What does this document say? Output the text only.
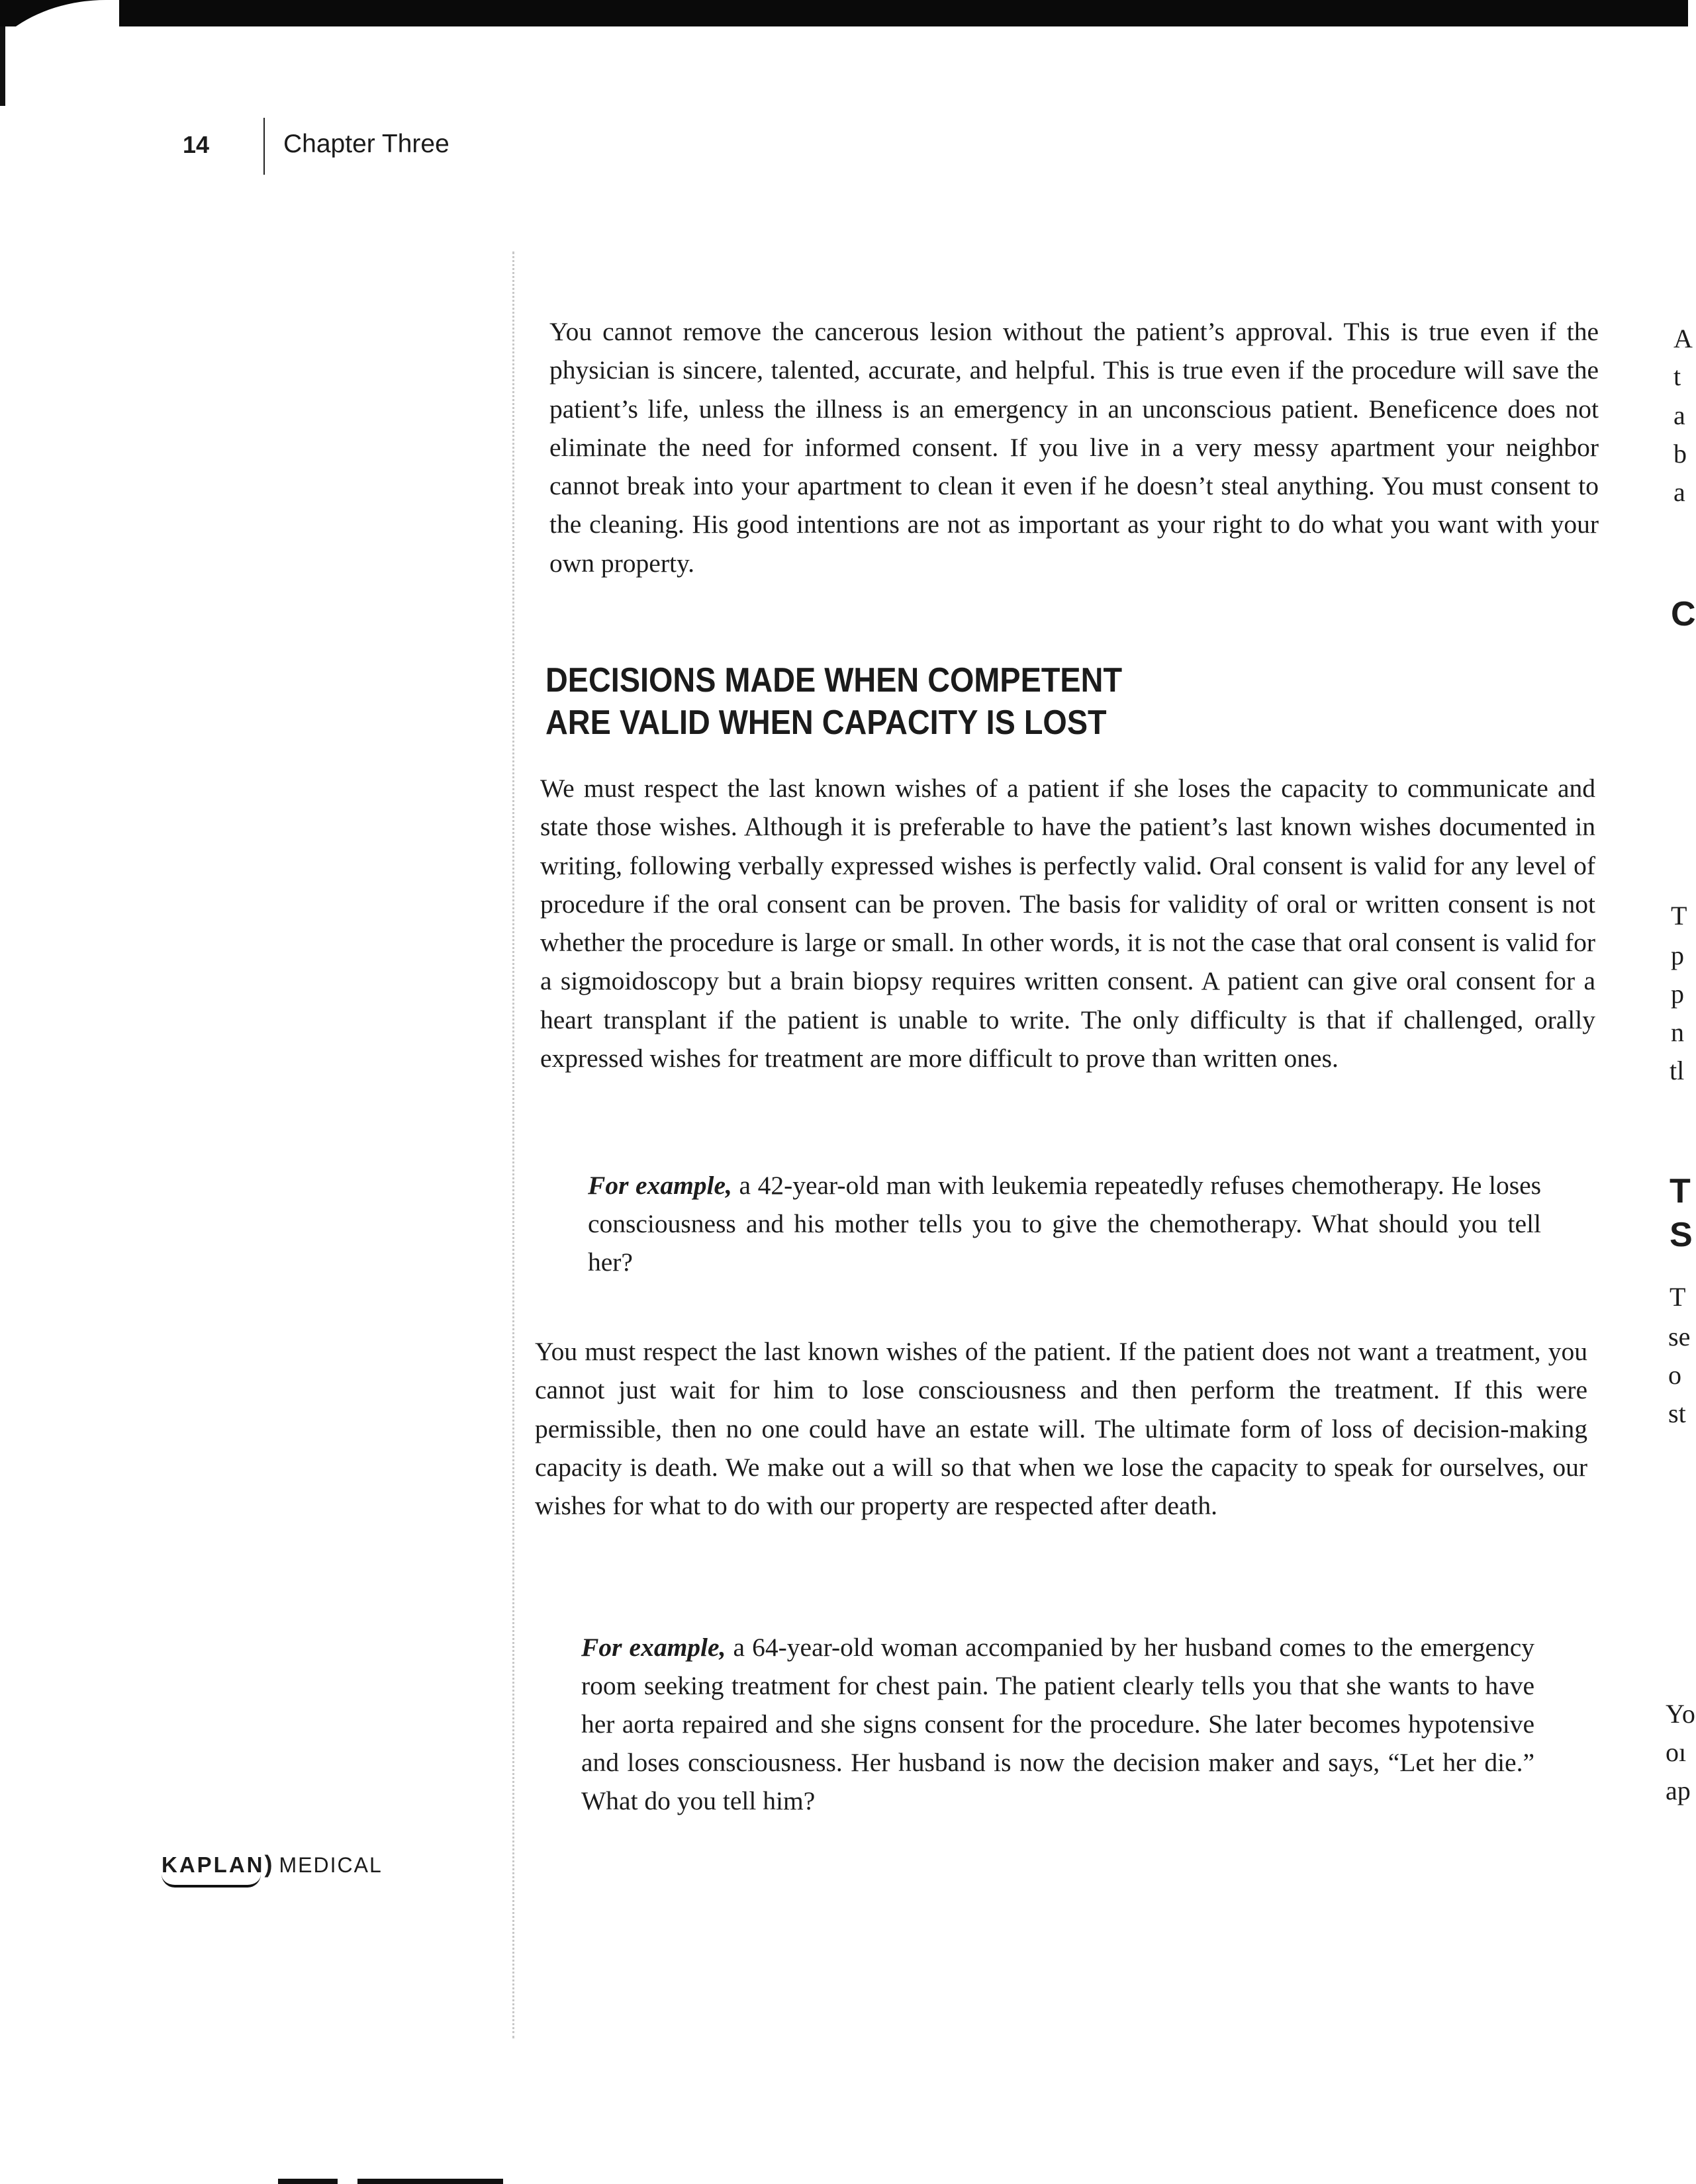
14	Chapter Three

You cannot remove the cancerous lesion without the patient’s approval. This is true even if the physician is sincere, talented, accurate, and helpful. This is true even if the procedure will save the patient’s life, unless the illness is an emergency in an unconscious patient. Beneficence does not eliminate the need for informed consent. If you live in a very messy apartment your neighbor cannot break into your apartment to clean it even if he doesn’t steal anything. You must consent to the cleaning. His good intentions are not as important as your right to do what you want with your own property.

DECISIONS MADE WHEN COMPETENT
ARE VALID WHEN CAPACITY IS LOST

We must respect the last known wishes of a patient if she loses the capacity to communicate and state those wishes. Although it is preferable to have the patient’s last known wishes documented in writing, following verbally expressed wishes is perfectly valid. Oral consent is valid for any level of procedure if the oral consent can be proven. The basis for validity of oral or written consent is not whether the procedure is large or small. In other words, it is not the case that oral consent is valid for a sigmoidoscopy but a brain biopsy requires written consent. A patient can give oral consent for a heart transplant if the patient is unable to write. The only difficulty is that if challenged, orally expressed wishes for treatment are more difficult to prove than written ones.

For example, a 42-year-old man with leukemia repeatedly refuses chemotherapy. He loses consciousness and his mother tells you to give the chemotherapy. What should you tell her?

You must respect the last known wishes of the patient. If the patient does not want a treatment, you cannot just wait for him to lose consciousness and then perform the treatment. If this were permissible, then no one could have an estate will. The ultimate form of loss of decision-making capacity is death. We make out a will so that when we lose the capacity to speak for ourselves, our wishes for what to do with our property are respected after death.

For example, a 64-year-old woman accompanied by her husband comes to the emergency room seeking treatment for chest pain. The patient clearly tells you that she wants to have her aorta repaired and she signs consent for the procedure. She later becomes hypotensive and loses consciousness. Her husband is now the decision maker and says, “Let her die.” What do you tell him?

KAPLAN) MEDICAL
A
t
a
b
a
C
T
p
p
n
tl
T
S
T
se
o
st
Yo
oı
ap
